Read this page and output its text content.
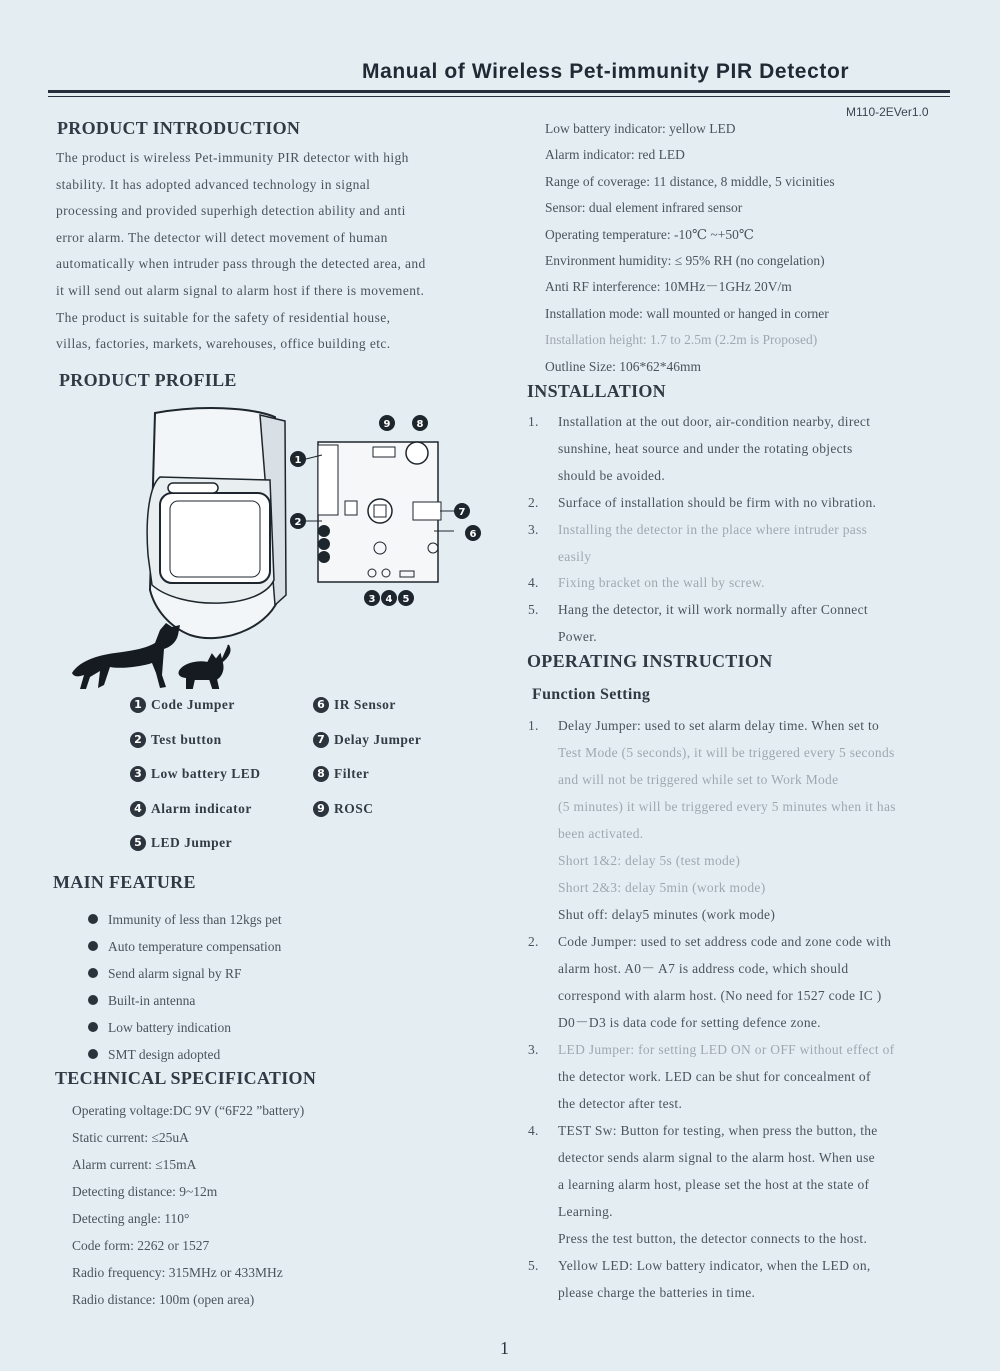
Manual of Wireless Pet-immunity PIR Detector
M110-2EVer1.0
PRODUCT INTRODUCTION
The product is wireless Pet-immunity PIR detector with high
stability. It has adopted advanced technology in signal
processing and provided superhigh detection ability and anti
error alarm. The detector will detect movement of human
automatically when intruder pass through the detected area, and
it will send out alarm signal to alarm host if there is movement.
The product is suitable for the safety of residential house,
villas, factories, markets, warehouses, office building etc.
PRODUCT PROFILE
1
2
3 4 5
6
7
8
9
1 Code Jumper
2 Test button
3 Low battery LED
4 Alarm indicator
5 LED Jumper
6 IR Sensor
7 Delay Jumper
8 Filter
9 ROSC
MAIN FEATURE
Immunity of less than 12kgs pet
Auto temperature compensation
Send alarm signal by RF
Built-in antenna
Low battery indication
SMT design adopted
TECHNICAL SPECIFICATION
Operating voltage:DC 9V (“6F22 ”battery)
Static current: ≤25uA
Alarm current: ≤15mA
Detecting distance: 9~12m
Detecting angle: 110°
Code form: 2262 or 1527
Radio frequency: 315MHz or 433MHz
Radio distance: 100m (open area)
Low battery indicator: yellow LED
Alarm indicator: red LED
Range of coverage: 11 distance, 8 middle, 5 vicinities
Sensor: dual element infrared sensor
Operating temperature: -10℃ ~+50℃
Environment humidity: ≤ 95% RH (no congelation)
Anti RF interference: 10MHz－1GHz 20V/m
Installation mode: wall mounted or hanged in corner
Installation height: 1.7 to 2.5m (2.2m is Proposed)
Outline Size: 106*62*46mm
INSTALLATION
1. Installation at the out door, air-condition nearby, direct
sunshine, heat source and under the rotating objects
should be avoided.
2. Surface of installation should be firm with no vibration.
3. Installing the detector in the place where intruder pass
easily
4. Fixing bracket on the wall by screw.
5. Hang the detector, it will work normally after Connect
Power.
OPERATING INSTRUCTION
Function Setting
1. Delay Jumper: used to set alarm delay time. When set to
Test Mode (5 seconds), it will be triggered every 5 seconds
and will not be triggered while set to Work Mode
(5 minutes) it will be triggered every 5 minutes when it has
been activated.
Short 1&2: delay 5s (test mode)
Short 2&3: delay 5min (work mode)
Shut off: delay5 minutes (work mode)
2. Code Jumper: used to set address code and zone code with
alarm host. A0－ A7 is address code, which should
correspond with alarm host. (No need for 1527 code IC )
D0－D3 is data code for setting defence zone.
3. LED Jumper: for setting LED ON or OFF without effect of
the detector work. LED can be shut for concealment of
the detector after test.
4. TEST Sw: Button for testing, when press the button, the
detector sends alarm signal to the alarm host. When use
a learning alarm host, please set the host at the state of
Learning.
Press the test button, the detector connects to the host.
5. Yellow LED: Low battery indicator, when the LED on,
please charge the batteries in time.
1
